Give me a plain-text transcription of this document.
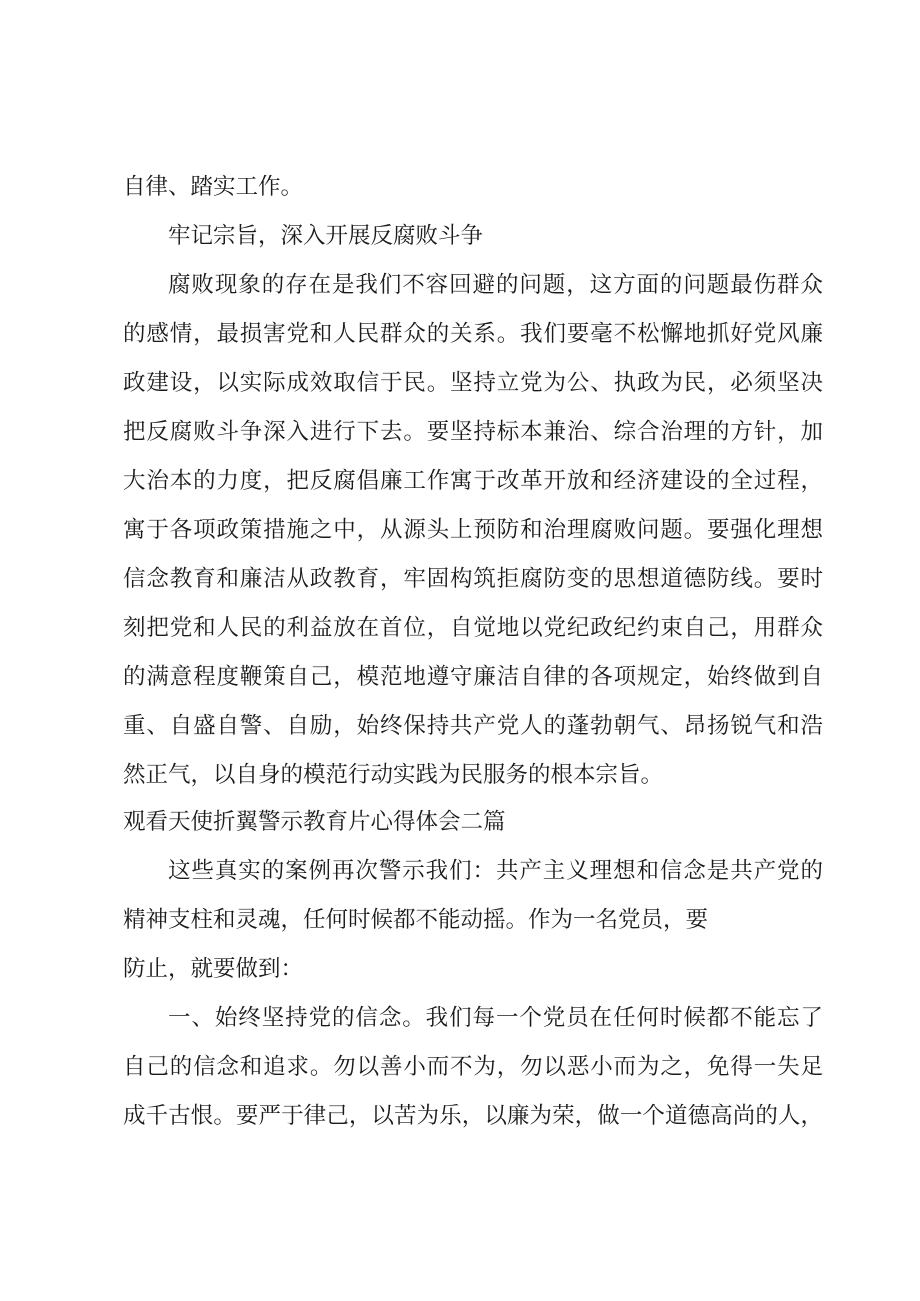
自律、踏实工作。

牢记宗旨，深入开展反腐败斗争

腐败现象的存在是我们不容回避的问题，这方面的问题最伤群众

的感情，最损害党和人民群众的关系。我们要毫不松懈地抓好党风廉

政建设，以实际成效取信于民。坚持立党为公、执政为民，必须坚决

把反腐败斗争深入进行下去。要坚持标本兼治、综合治理的方针，加

大治本的力度，把反腐倡廉工作寓于改革开放和经济建设的全过程，

寓于各项政策措施之中，从源头上预防和治理腐败问题。要强化理想

信念教育和廉洁从政教育，牢固构筑拒腐防变的思想道德防线。要时

刻把党和人民的利益放在首位，自觉地以党纪政纪约束自己，用群众

的满意程度鞭策自己，模范地遵守廉洁自律的各项规定，始终做到自

重、自盛自警、自励，始终保持共产党人的蓬勃朝气、昂扬锐气和浩

然正气，以自身的模范行动实践为民服务的根本宗旨。

观看天使折翼警示教育片心得体会二篇

这些真实的案例再次警示我们：共产主义理想和信念是共产党的

精神支柱和灵魂，任何时候都不能动摇。作为一名党员，要

防止，就要做到：

一、始终坚持党的信念。我们每一个党员在任何时候都不能忘了

自己的信念和追求。勿以善小而不为，勿以恶小而为之，免得一失足

成千古恨。要严于律己，以苦为乐，以廉为荣，做一个道德高尚的人，
